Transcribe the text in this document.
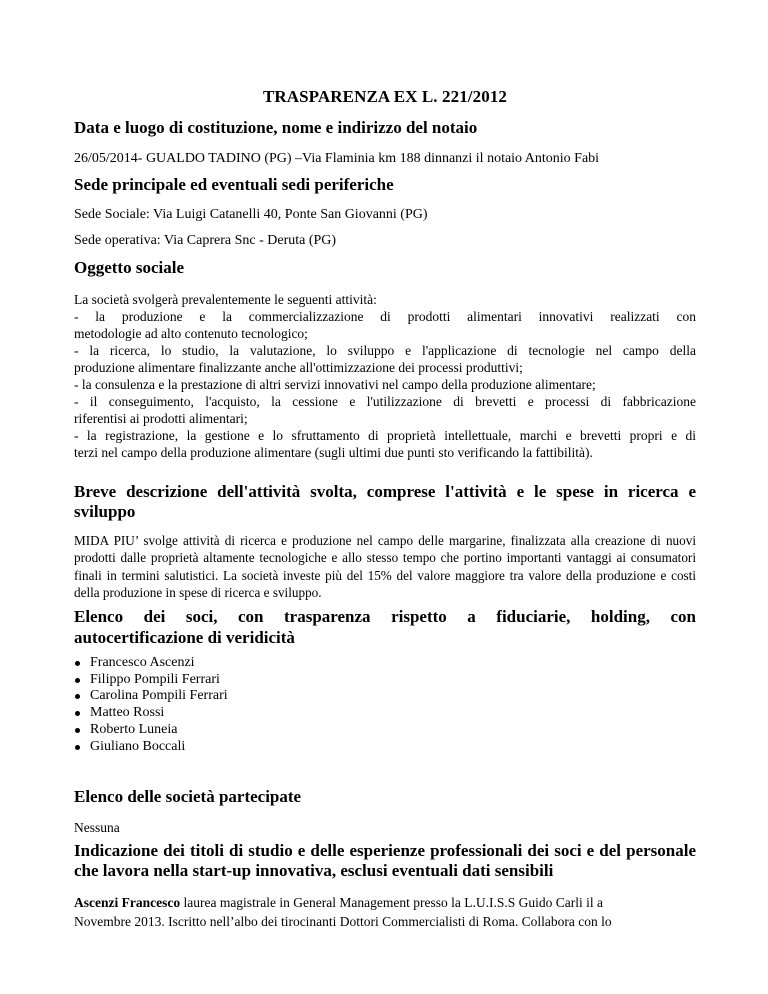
TRASPARENZA EX L. 221/2012
Data e luogo di costituzione, nome e indirizzo del notaio

26/05/2014- GUALDO TADINO (PG) –Via Flaminia km 188 dinnanzi il notaio Antonio Fabi

Sede principale ed eventuali sedi periferiche

Sede Sociale: Via Luigi Catanelli 40, Ponte San Giovanni (PG)

Sede operativa: Via Caprera Snc - Deruta (PG)

Oggetto sociale

La società svolgerà prevalentemente le seguenti attività:

- la produzione e la commercializzazione di prodotti alimentari innovativi realizzati con

metodologie ad alto contenuto tecnologico;

- la ricerca, lo studio, la valutazione, lo sviluppo e l'applicazione di tecnologie nel campo della

produzione alimentare finalizzante anche all'ottimizzazione dei processi produttivi;

- la consulenza e la prestazione di altri servizi innovativi nel campo della produzione alimentare;

- il conseguimento, l'acquisto, la cessione e l'utilizzazione di brevetti e processi di fabbricazione

riferentisi ai prodotti alimentari;

- la registrazione, la gestione e lo sfruttamento di proprietà intellettuale, marchi e brevetti propri e di

terzi nel campo della produzione alimentare (sugli ultimi due punti sto verificando la fattibilità).

Breve descrizione dell'attività svolta, comprese l'attività e le spese in ricerca e sviluppo

MIDA PIU’ svolge attività di ricerca e produzione nel campo delle margarine, finalizzata alla creazione di nuovi prodotti dalle proprietà altamente tecnologiche e allo stesso tempo che portino importanti vantaggi ai consumatori finali in termini salutistici. La società investe più del 15% del valore maggiore tra valore della produzione e costi della produzione in spese di ricerca e sviluppo.

Elenco dei soci, con trasparenza rispetto a fiduciarie, holding, con
autocertificazione di veridicità
Francesco Ascenzi
Filippo Pompili Ferrari
Carolina Pompili Ferrari
Matteo Rossi
Roberto Luneia
Giuliano Boccali
Elenco delle società partecipate

Nessuna

Indicazione dei titoli di studio e delle esperienze professionali dei soci e del personale che lavora nella start-up innovativa, esclusi eventuali dati sensibili

Ascenzi Francesco laurea magistrale in General Management presso la L.U.I.S.S Guido Carli il a

Novembre 2013. Iscritto nell’albo dei tirocinanti Dottori Commercialisti di Roma. Collabora con lo
